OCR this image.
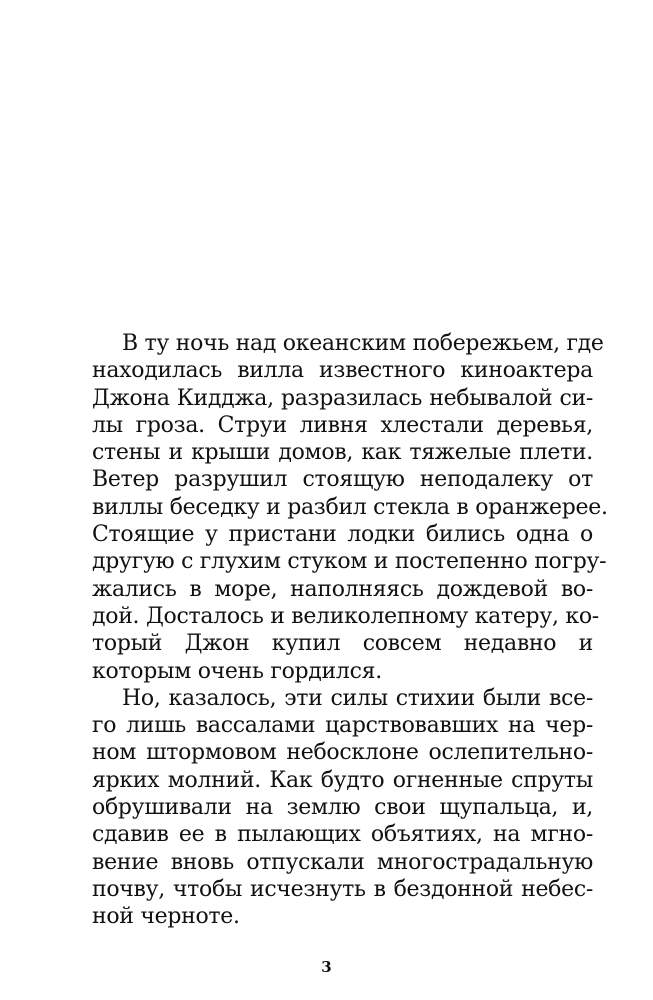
В ту ночь над океанским побережьем, где
находилась вилла известного киноактера
Джона Кидджа, разразилась небывалой си-
лы гроза. Струи ливня хлестали деревья,
стены и крыши домов, как тяжелые плети.
Ветер разрушил стоящую неподалеку от
виллы беседку и разбил стекла в оранжерее.
Стоящие у пристани лодки бились одна о
другую с глухим стуком и постепенно погру-
жались в море, наполняясь дождевой во-
дой. Досталось и великолепному катеру, ко-
торый Джон купил совсем недавно и
которым очень гордился.
Но, казалось, эти силы стихии были все-
го лишь вассалами царствовавших на чер-
ном штормовом небосклоне ослепительно-
ярких молний. Как будто огненные спруты
обрушивали на землю свои щупальца, и,
сдавив ее в пылающих объятиях, на мгно-
вение вновь отпускали многострадальную
почву, чтобы исчезнуть в бездонной небес-
ной черноте.
3
